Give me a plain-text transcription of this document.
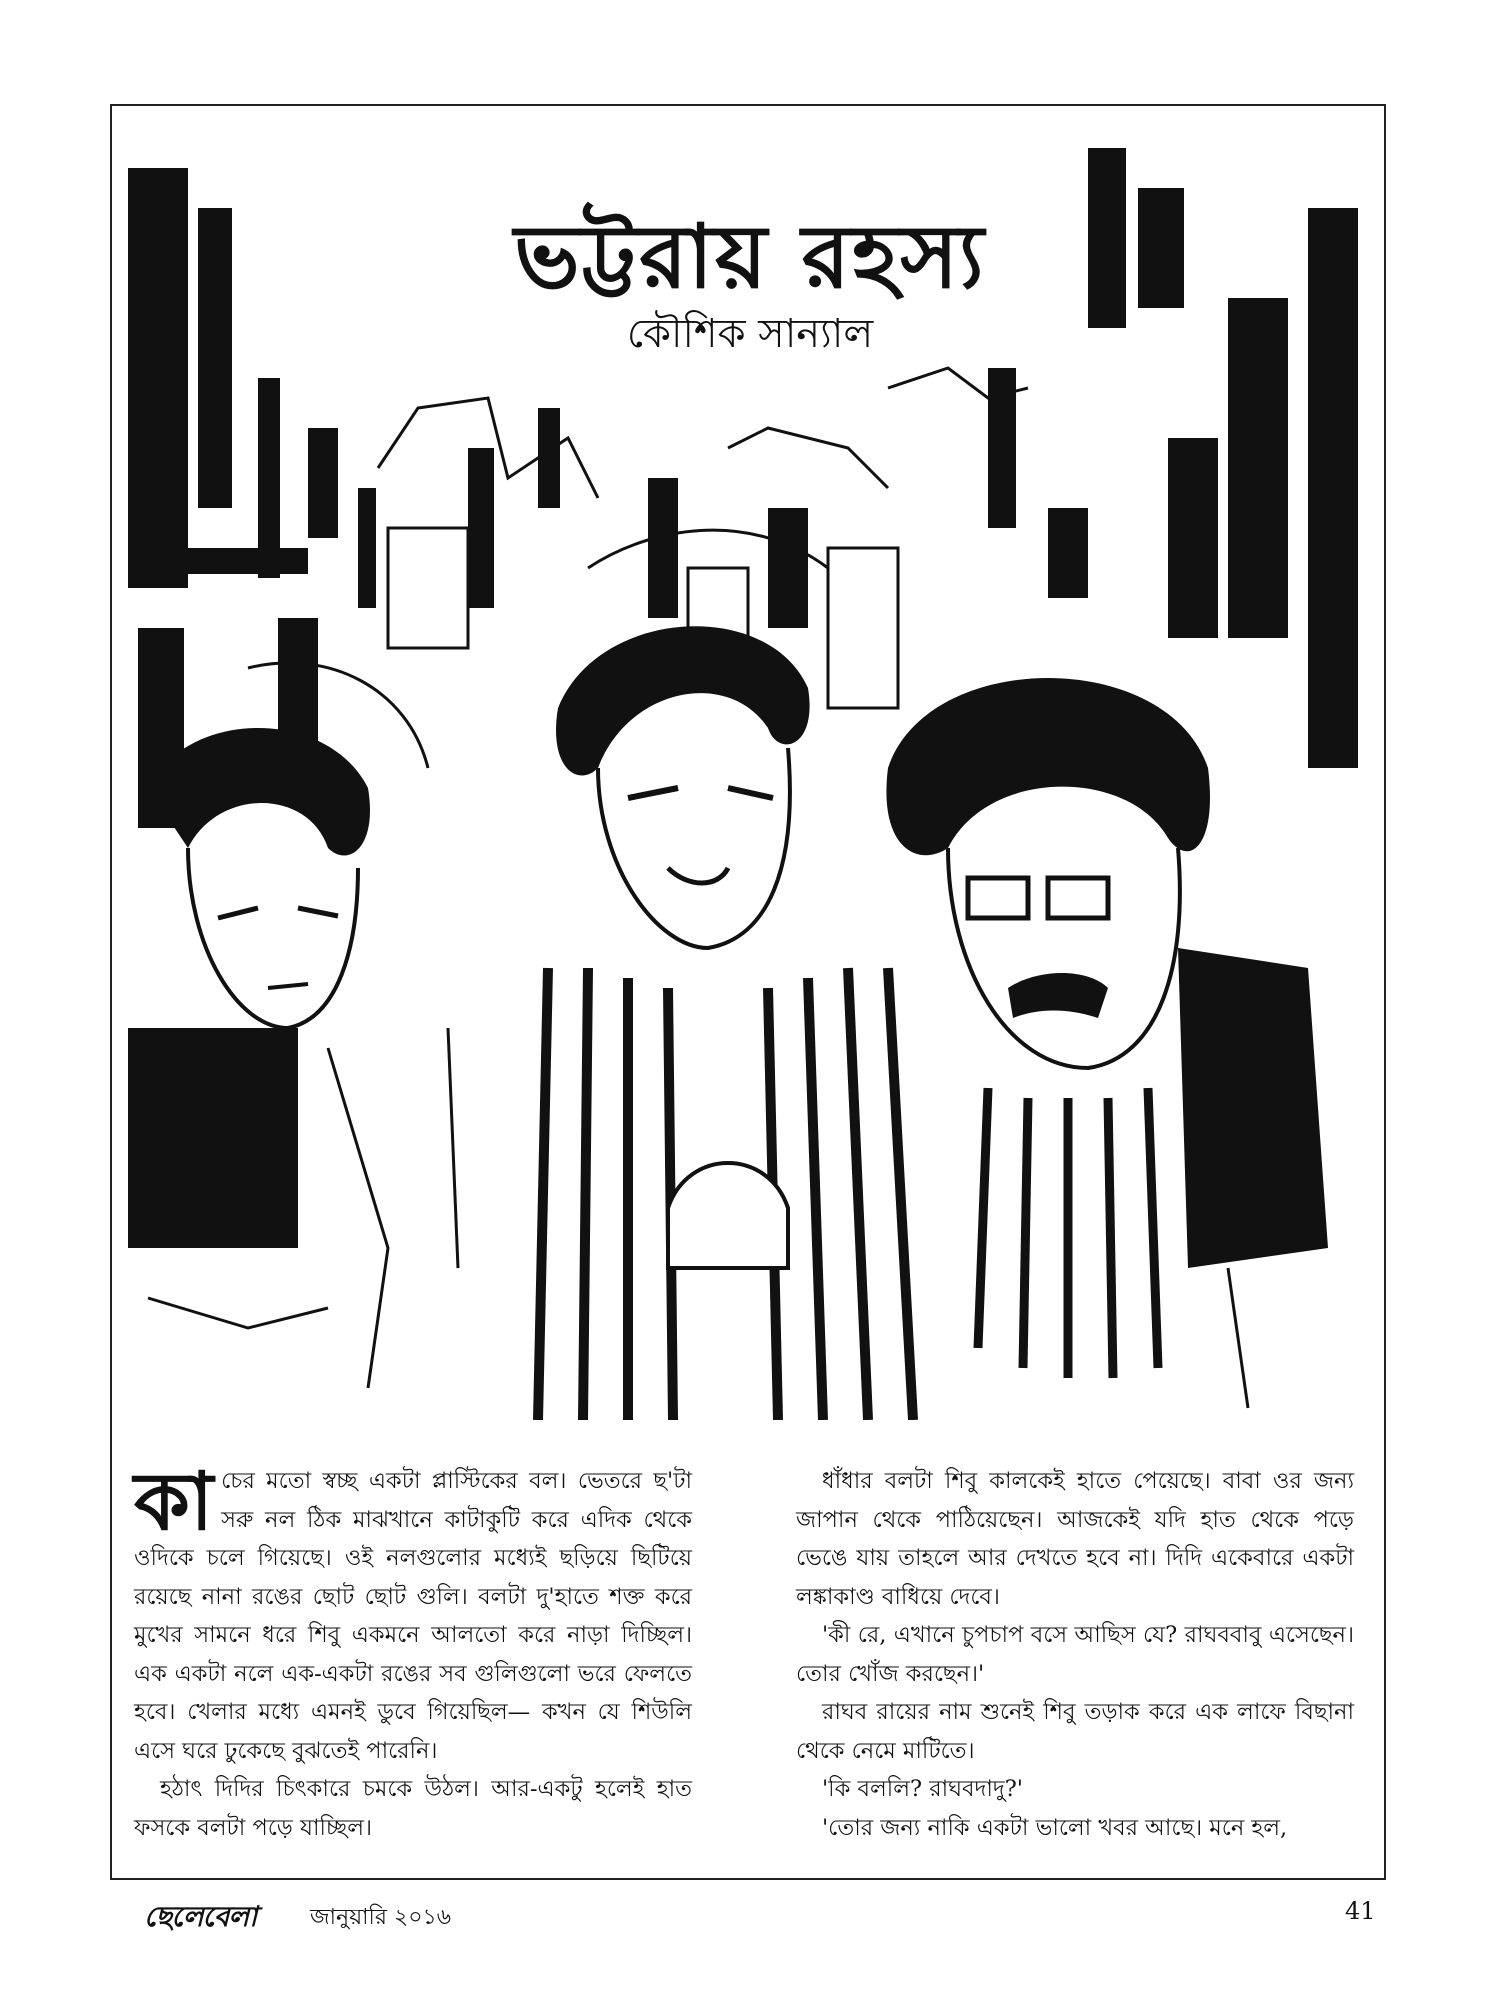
ভট্টরায় রহস্য
কৌশিক সান্যাল

কাচের মতো স্বচ্ছ একটা প্লাস্টিকের বল। ভেতরে ছ'টা সরু নল ঠিক মাঝখানে কাটাকুটি করে এদিক থেকে ওদিকে চলে গিয়েছে। ওই নলগুলোর মধ্যেই ছড়িয়ে ছিটিয়ে রয়েছে নানা রঙের ছোট ছোট গুলি। বলটা দু'হাতে শক্ত করে মুখের সামনে ধরে শিবু একমনে আলতো করে নাড়া দিচ্ছিল। এক একটা নলে এক-একটা রঙের সব গুলিগুলো ভরে ফেলতে হবে। খেলার মধ্যে এমনই ডুবে গিয়েছিল— কখন যে শিউলি এসে ঘরে ঢুকেছে বুঝতেই পারেনি।

হঠাৎ দিদির চিৎকারে চমকে উঠল। আর-একটু হলেই হাত ফসকে বলটা পড়ে যাচ্ছিল।

ধাঁধার বলটা শিবু কালকেই হাতে পেয়েছে। বাবা ওর জন্য জাপান থেকে পাঠিয়েছেন। আজকেই যদি হাত থেকে পড়ে ভেঙে যায় তাহলে আর দেখতে হবে না। দিদি একেবারে একটা লঙ্কাকাণ্ড বাধিয়ে দেবে।

'কী রে, এখানে চুপচাপ বসে আছিস যে? রাঘববাবু এসেছেন। তোর খোঁজ করছেন।'

রাঘব রায়ের নাম শুনেই শিবু তড়াক করে এক লাফে বিছানা থেকে নেমে মাটিতে।

'কি বললি? রাঘবদাদু?'

'তোর জন্য নাকি একটা ভালো খবর আছে। মনে হল,

ছেলেবেলা জানুয়ারি ২০১৬	41
